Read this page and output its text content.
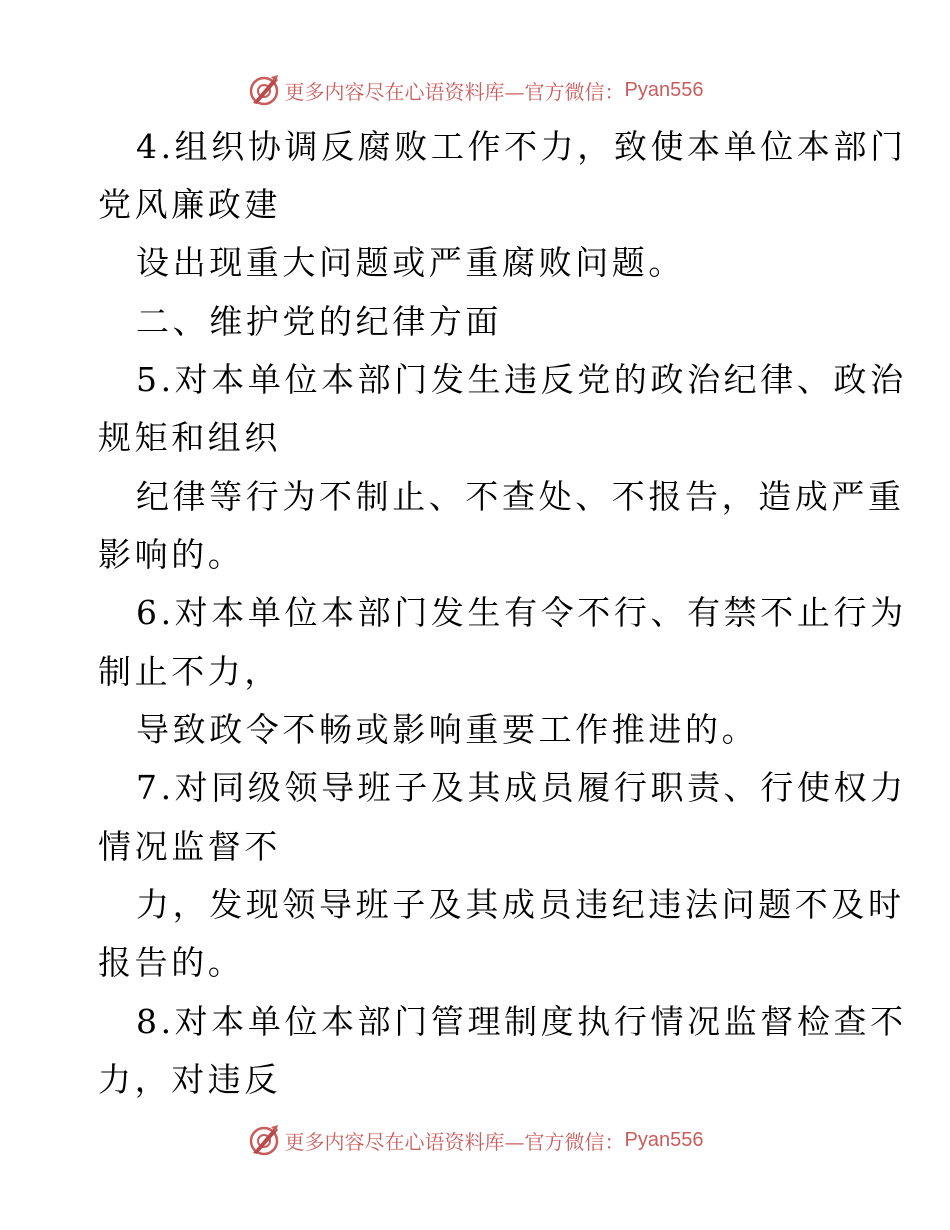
更多内容尽在心语资料库—官方微信： Pyan556
4.组织协调反腐败工作不力，致使本单位本部门
党风廉政建
设出现重大问题或严重腐败问题。
二、维护党的纪律方面
5.对本单位本部门发生违反党的政治纪律、政治
规矩和组织
纪律等行为不制止、不查处、不报告，造成严重
影响的。
6.对本单位本部门发生有令不行、有禁不止行为
制止不力，
导致政令不畅或影响重要工作推进的。
7.对同级领导班子及其成员履行职责、行使权力
情况监督不
力，发现领导班子及其成员违纪违法问题不及时
报告的。
8.对本单位本部门管理制度执行情况监督检查不
力，对违反
更多内容尽在心语资料库—官方微信： Pyan556
